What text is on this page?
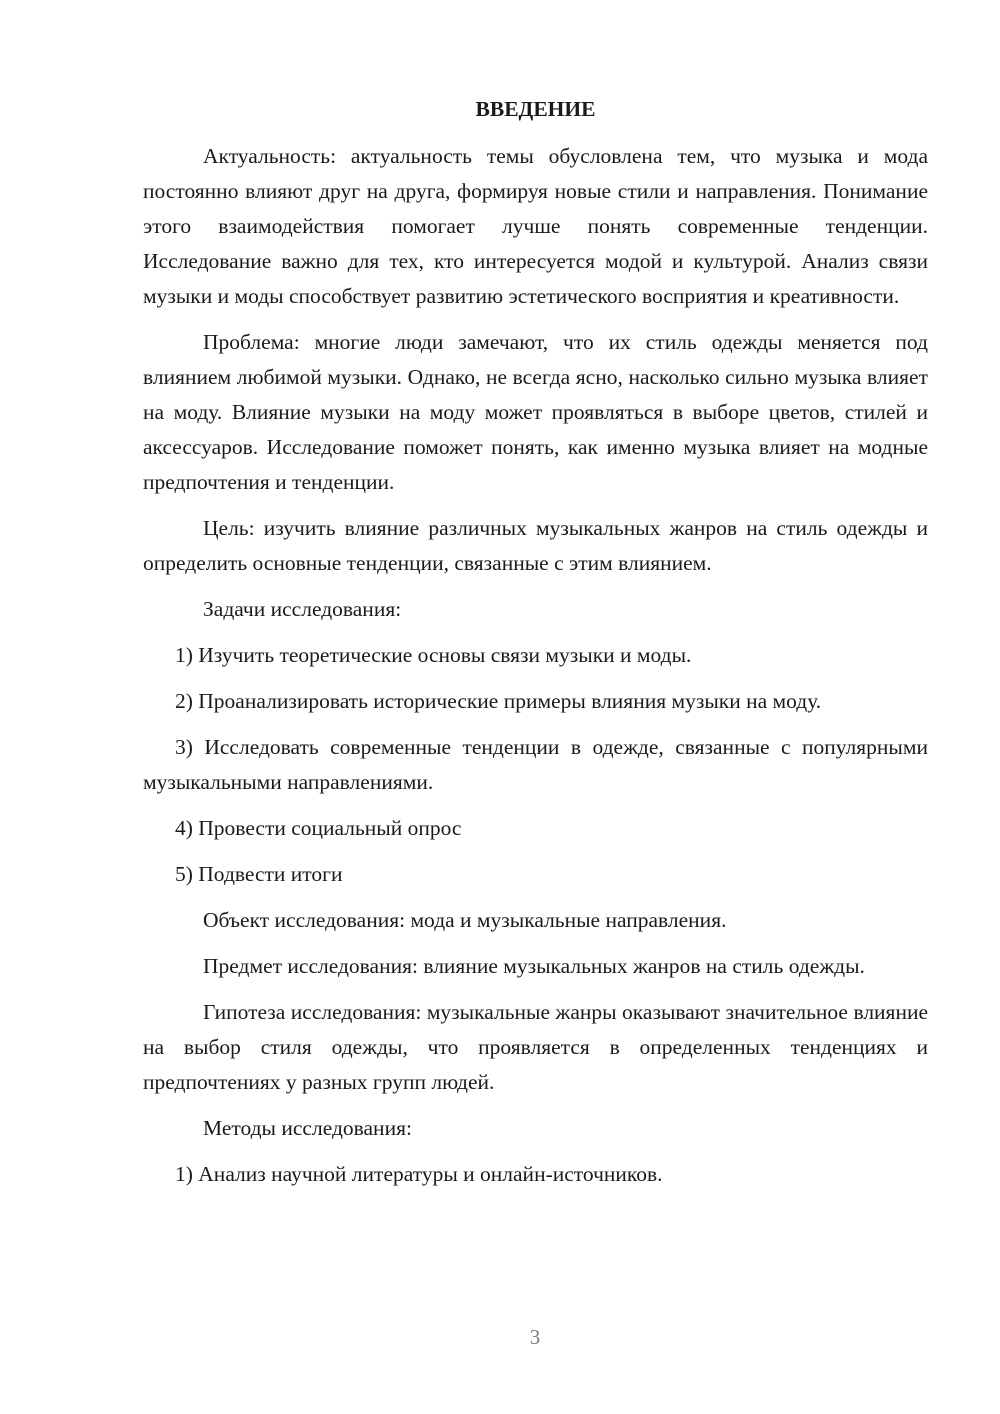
ВВЕДЕНИЕ

Актуальность: актуальность темы обусловлена тем, что музыка и мода постоянно влияют друг на друга, формируя новые стили и направления. Понимание этого взаимодействия помогает лучше понять современные тенденции. Исследование важно для тех, кто интересуется модой и культурой. Анализ связи музыки и моды способствует развитию эстетического восприятия и креативности.

Проблема: многие люди замечают, что их стиль одежды меняется под влиянием любимой музыки. Однако, не всегда ясно, насколько сильно музыка влияет на моду. Влияние музыки на моду может проявляться в выборе цветов, стилей и аксессуаров. Исследование поможет понять, как именно музыка влияет на модные предпочтения и тенденции.

Цель: изучить влияние различных музыкальных жанров на стиль одежды и определить основные тенденции, связанные с этим влиянием.

Задачи исследования:

1) Изучить теоретические основы связи музыки и моды.

2) Проанализировать исторические примеры влияния музыки на моду.

3) Исследовать современные тенденции в одежде, связанные с популярными музыкальными направлениями.

4) Провести социальный опрос

5) Подвести итоги

Объект исследования: мода и музыкальные направления.

Предмет исследования: влияние музыкальных жанров на стиль одежды.

Гипотеза исследования: музыкальные жанры оказывают значительное влияние на выбор стиля одежды, что проявляется в определенных тенденциях и предпочтениях у разных групп людей.

Методы исследования:

1) Анализ научной литературы и онлайн-источников.

3
